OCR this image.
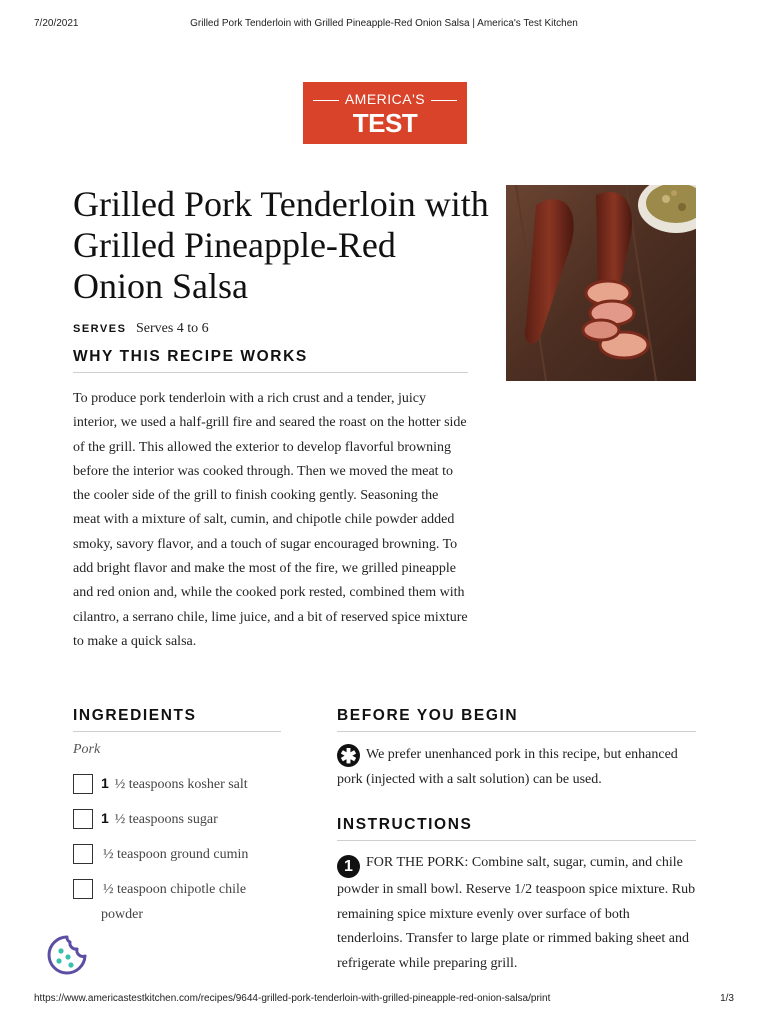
7/20/2021	Grilled Pork Tenderloin with Grilled Pineapple-Red Onion Salsa | America's Test Kitchen
AMERICA'S
TEST KITCHEN
Grilled Pork Tenderloin with Grilled Pineapple-Red Onion Salsa
SERVES Serves 4 to 6
WHY THIS RECIPE WORKS

To produce pork tenderloin with a rich crust and a tender, juicy interior, we used a half-grill fire and seared the roast on the hotter side of the grill. This allowed the exterior to develop flavorful browning before the interior was cooked through. Then we moved the meat to the cooler side of the grill to finish cooking gently. Seasoning the meat with a mixture of salt, cumin, and chipotle chile powder added smoky, savory flavor, and a touch of sugar encouraged browning. To add bright flavor and make the most of the fire, we grilled pineapple and red onion and, while the cooked pork rested, combined them with cilantro, a serrano chile, lime juice, and a bit of reserved spice mixture to make a quick salsa.

INGREDIENTS
Pork
1 ½ teaspoons kosher salt
1 ½ teaspoons sugar
½ teaspoon ground cumin
½ teaspoon chipotle chile powder
BEFORE YOU BEGIN

✱ We prefer unenhanced pork in this recipe, but enhanced pork (injected with a salt solution) can be used.

INSTRUCTIONS

1 FOR THE PORK: Combine salt, sugar, cumin, and chile powder in small bowl. Reserve 1/2 teaspoon spice mixture. Rub remaining spice mixture evenly over surface of both tenderloins. Transfer to large plate or rimmed baking sheet and refrigerate while preparing grill.

https://www.americastestkitchen.com/recipes/9644-grilled-pork-tenderloin-with-grilled-pineapple-red-onion-salsa/print	1/3
